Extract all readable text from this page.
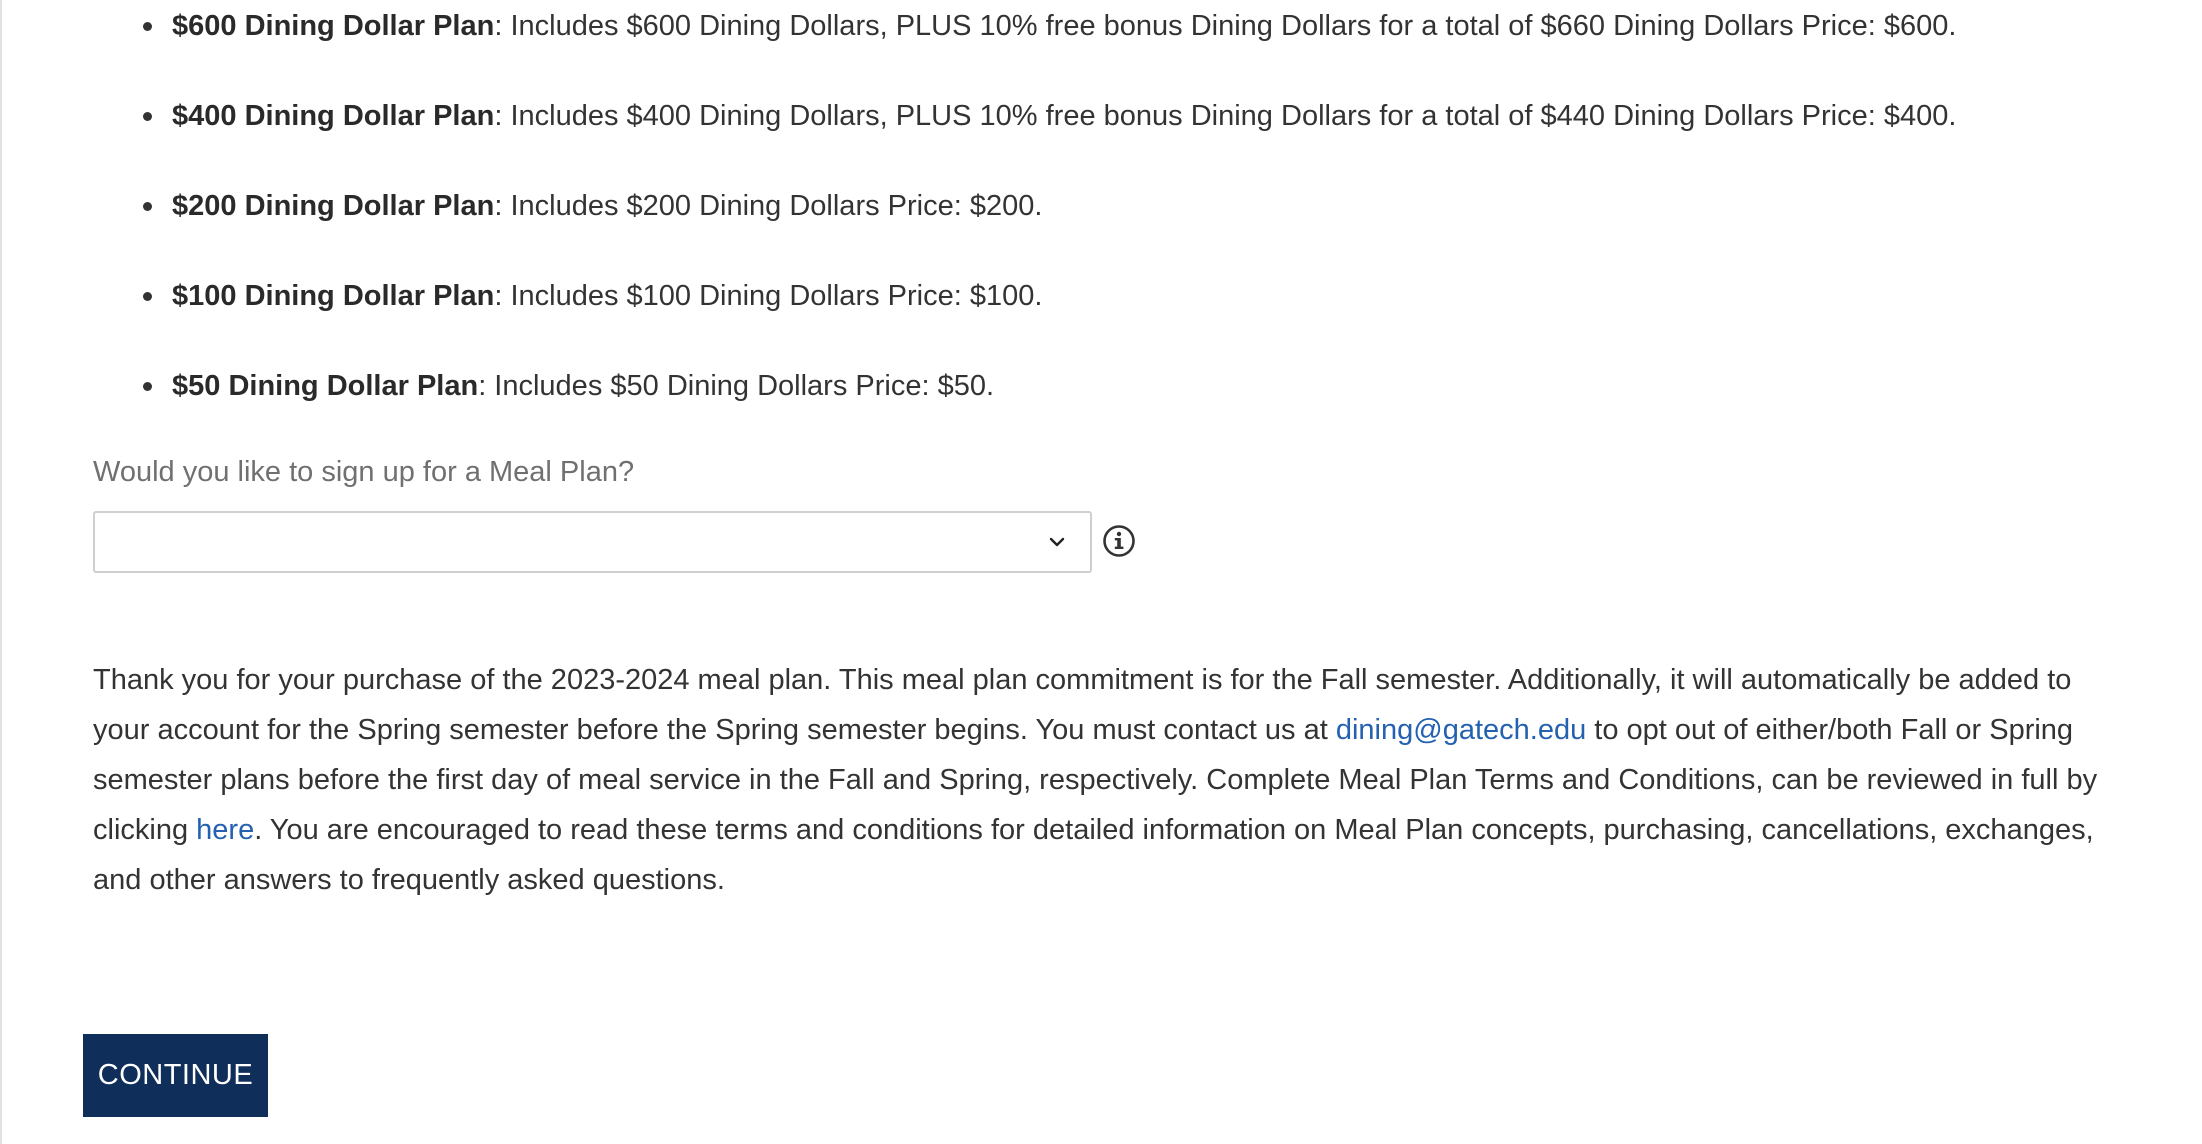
$600 Dining Dollar Plan: Includes $600 Dining Dollars, PLUS 10% free bonus Dining Dollars for a total of $660 Dining Dollars Price: $600.
$400 Dining Dollar Plan: Includes $400 Dining Dollars, PLUS 10% free bonus Dining Dollars for a total of $440 Dining Dollars Price: $400.
$200 Dining Dollar Plan: Includes $200 Dining Dollars Price: $200.
$100 Dining Dollar Plan: Includes $100 Dining Dollars Price: $100.
$50 Dining Dollar Plan: Includes $50 Dining Dollars Price: $50.
Would you like to sign up for a Meal Plan?

Thank you for your purchase of the 2023-2024 meal plan. This meal plan commitment is for the Fall semester. Additionally, it will automatically be added to your account for the Spring semester before the Spring semester begins. You must contact us at dining@gatech.edu to opt out of either/both Fall or Spring semester plans before the first day of meal service in the Fall and Spring, respectively. Complete Meal Plan Terms and Conditions, can be reviewed in full by clicking here. You are encouraged to read these terms and conditions for detailed information on Meal Plan concepts, purchasing, cancellations, exchanges, and other answers to frequently asked questions.

CONTINUE
